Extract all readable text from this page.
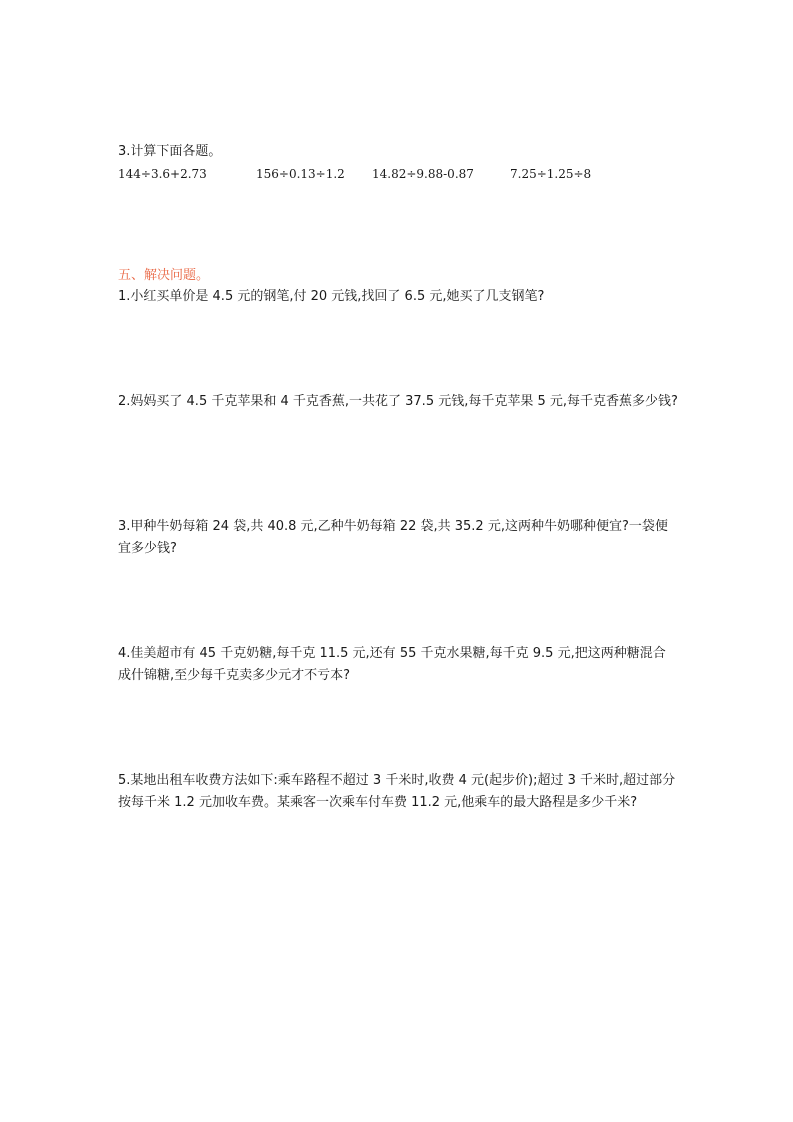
3.计算下面各题。

144÷3.6+2.73	156÷0.13÷1.2	14.82÷9.88-0.87	7.25÷1.25÷8

五、解决问题。

1.小红买单价是 4.5 元的钢笔,付 20 元钱,找回了 6.5 元,她买了几支钢笔?

2.妈妈买了 4.5 千克苹果和 4 千克香蕉,一共花了 37.5 元钱,每千克苹果 5 元,每千克香蕉多少钱?

3.甲种牛奶每箱 24 袋,共 40.8 元,乙种牛奶每箱 22 袋,共 35.2 元,这两种牛奶哪种便宜?一袋便宜多少钱?

4.佳美超市有 45 千克奶糖,每千克 11.5 元,还有 55 千克水果糖,每千克 9.5 元,把这两种糖混合成什锦糖,至少每千克卖多少元才不亏本?

5.某地出租车收费方法如下:乘车路程不超过 3 千米时,收费 4 元(起步价);超过 3 千米时,超过部分按每千米 1.2 元加收车费。某乘客一次乘车付车费 11.2 元,他乘车的最大路程是多少千米?
